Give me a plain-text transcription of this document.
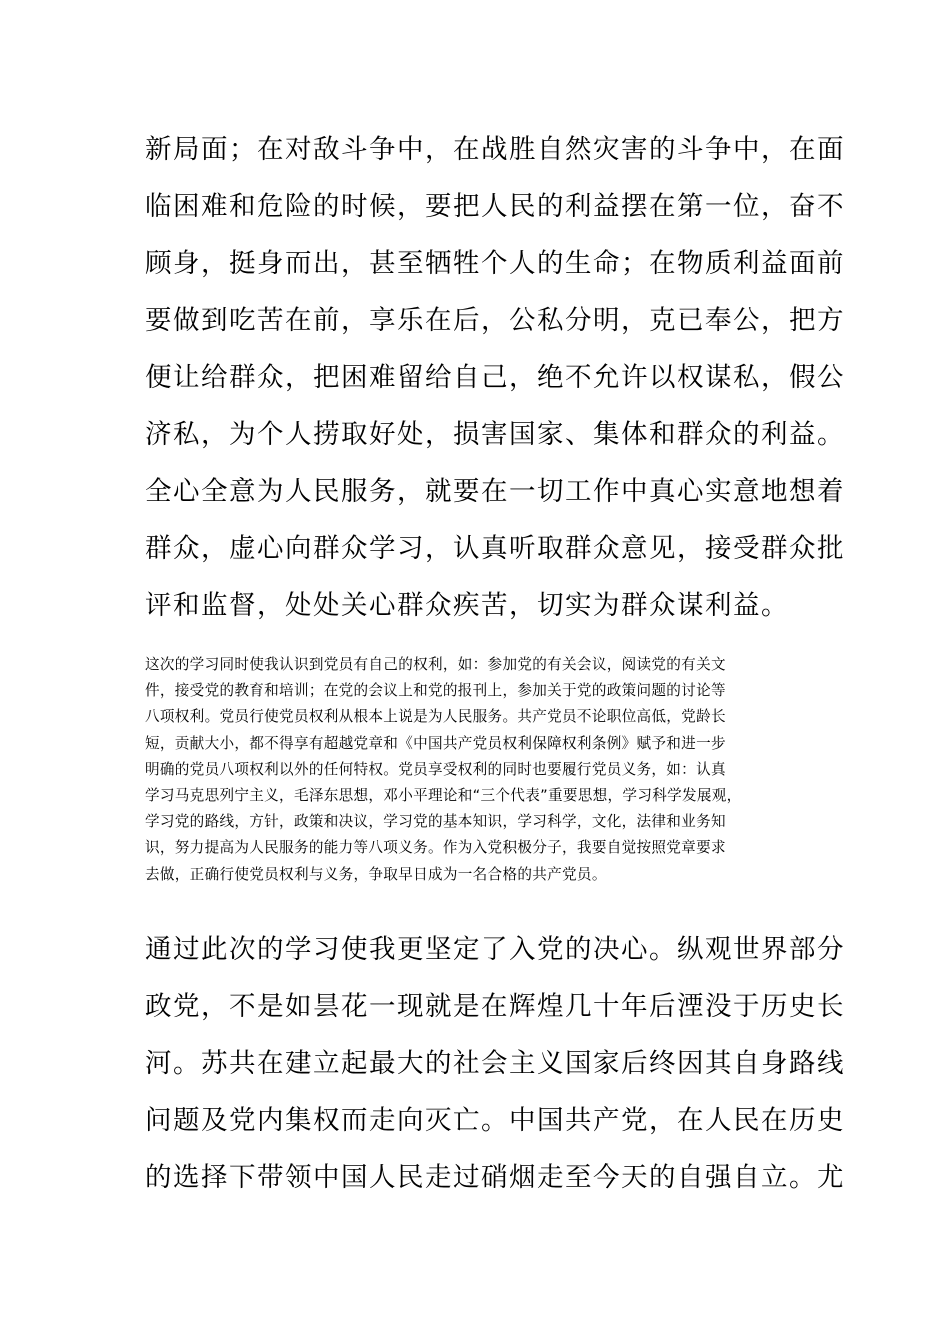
新局面；在对敌斗争中，在战胜自然灾害的斗争中，在面
临困难和危险的时候，要把人民的利益摆在第一位，奋不
顾身，挺身而出，甚至牺牲个人的生命；在物质利益面前
要做到吃苦在前，享乐在后，公私分明，克已奉公，把方
便让给群众，把困难留给自己，绝不允许以权谋私，假公
济私，为个人捞取好处，损害国家、集体和群众的利益。
全心全意为人民服务，就要在一切工作中真心实意地想着
群众，虚心向群众学习，认真听取群众意见，接受群众批
评和监督，处处关心群众疾苦，切实为群众谋利益。
这次的学习同时使我认识到党员有自己的权利，如：参加党的有关会议，阅读党的有关文
件，接受党的教育和培训；在党的会议上和党的报刊上，参加关于党的政策问题的讨论等
八项权利。党员行使党员权利从根本上说是为人民服务。共产党员不论职位高低，党龄长
短，贡献大小，都不得享有超越党章和《中国共产党员权利保障权利条例》赋予和进一步
明确的党员八项权利以外的任何特权。党员享受权利的同时也要履行党员义务，如：认真
学习马克思列宁主义，毛泽东思想，邓小平理论和“三个代表”重要思想，学习科学发展观，
学习党的路线，方针，政策和决议，学习党的基本知识，学习科学，文化，法律和业务知
识，努力提高为人民服务的能力等八项义务。作为入党积极分子，我要自觉按照党章要求
去做，正确行使党员权利与义务，争取早日成为一名合格的共产党员。
通过此次的学习使我更坚定了入党的决心。纵观世界部分
政党，不是如昙花一现就是在辉煌几十年后湮没于历史长
河。苏共在建立起最大的社会主义国家后终因其自身路线
问题及党内集权而走向灭亡。中国共产党，在人民在历史
的选择下带领中国人民走过硝烟走至今天的自强自立。尤
